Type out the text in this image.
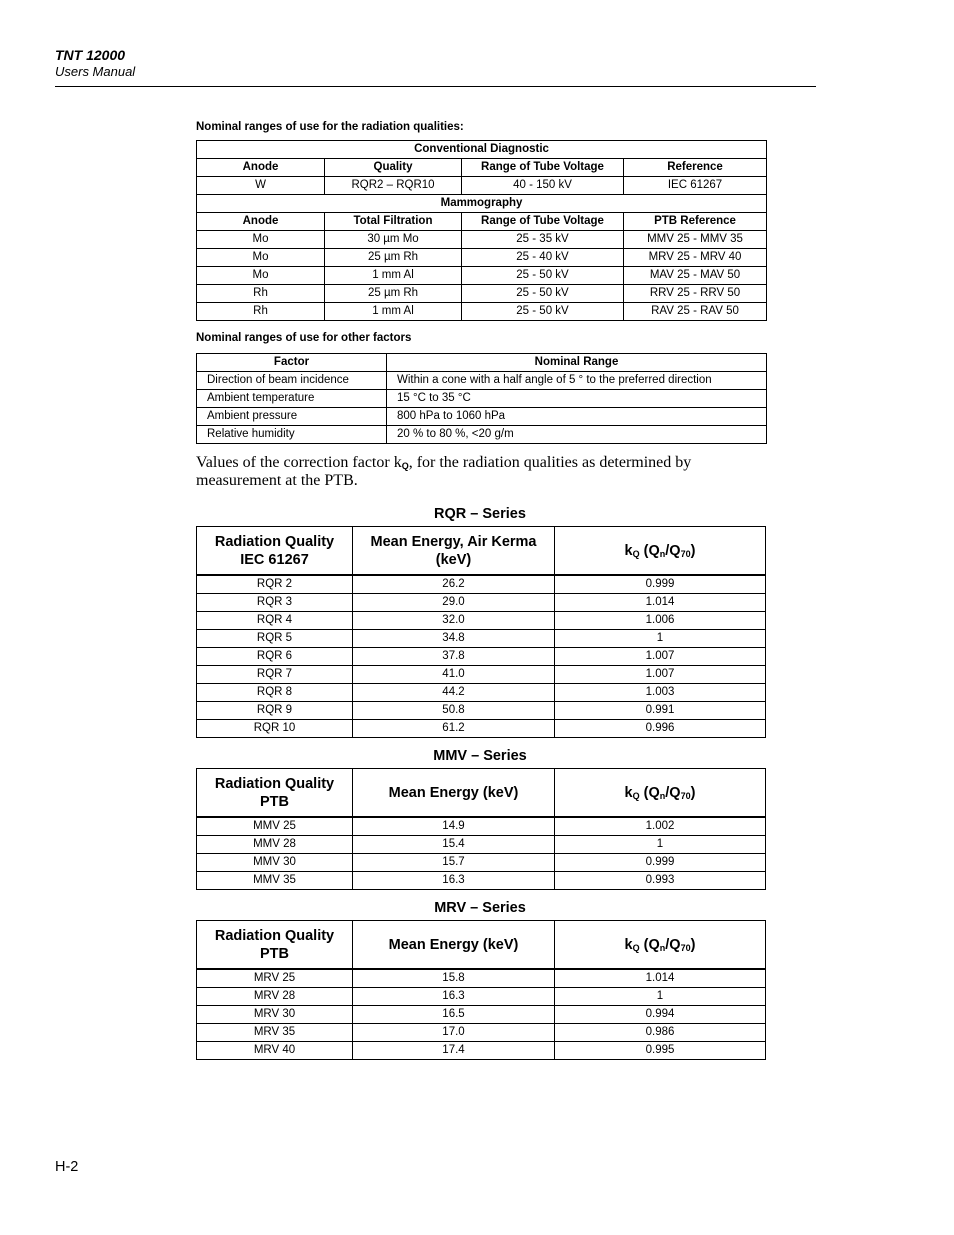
TNT 12000
Users Manual
Nominal ranges of use for the radiation qualities:
Conventional Diagnostic			
Anode	Quality	Range of Tube Voltage	Reference
W	RQR2 – RQR10	40 - 150 kV	IEC 61267
Mammography			
Anode	Total Filtration	Range of Tube Voltage	PTB Reference
Mo	30 µm Mo	25 - 35 kV	MMV 25 - MMV 35
Mo	25 µm Rh	25 - 40 kV	MRV 25 - MRV 40
Mo	1 mm Al	25 - 50 kV	MAV 25 - MAV 50
Rh	25 µm Rh	25 - 50 kV	RRV 25 - RRV 50
Rh	1 mm Al	25 - 50 kV	RAV 25 - RAV 50
Nominal ranges of use for other factors
Factor	Nominal Range
Direction of beam incidence	Within a cone with a half angle of 5 ° to the preferred direction
Ambient temperature	15 °C to 35 °C
Ambient pressure	800 hPa to 1060 hPa
Relative humidity	20 % to 80 %, <20 g/m
Values of the correction factor $k_Q$, for the radiation qualities as determined by measurement at the PTB.
RQR – Series
Radiation Quality IEC 61267	Mean Energy, Air Kerma (keV)	$k_Q$ $(Q_n/Q_{70})$
RQR 2	26.2	0.999
RQR 3	29.0	1.014
RQR 4	32.0	1.006
RQR 5	34.8	1
RQR 6	37.8	1.007
RQR 7	41.0	1.007
RQR 8	44.2	1.003
RQR 9	50.8	0.991
RQR 10	61.2	0.996
MMV – Series
Radiation Quality PTB	Mean Energy (keV)	$k_Q$ $(Q_n/Q_{70})$
MMV 25	14.9	1.002
MMV 28	15.4	1
MMV 30	15.7	0.999
MMV 35	16.3	0.993
MRV – Series
Radiation Quality PTB	Mean Energy (keV)	$k_Q$ $(Q_n/Q_{70})$
MRV 25	15.8	1.014
MRV 28	16.3	1
MRV 30	16.5	0.994
MRV 35	17.0	0.986
MRV 40	17.4	0.995
H-2
